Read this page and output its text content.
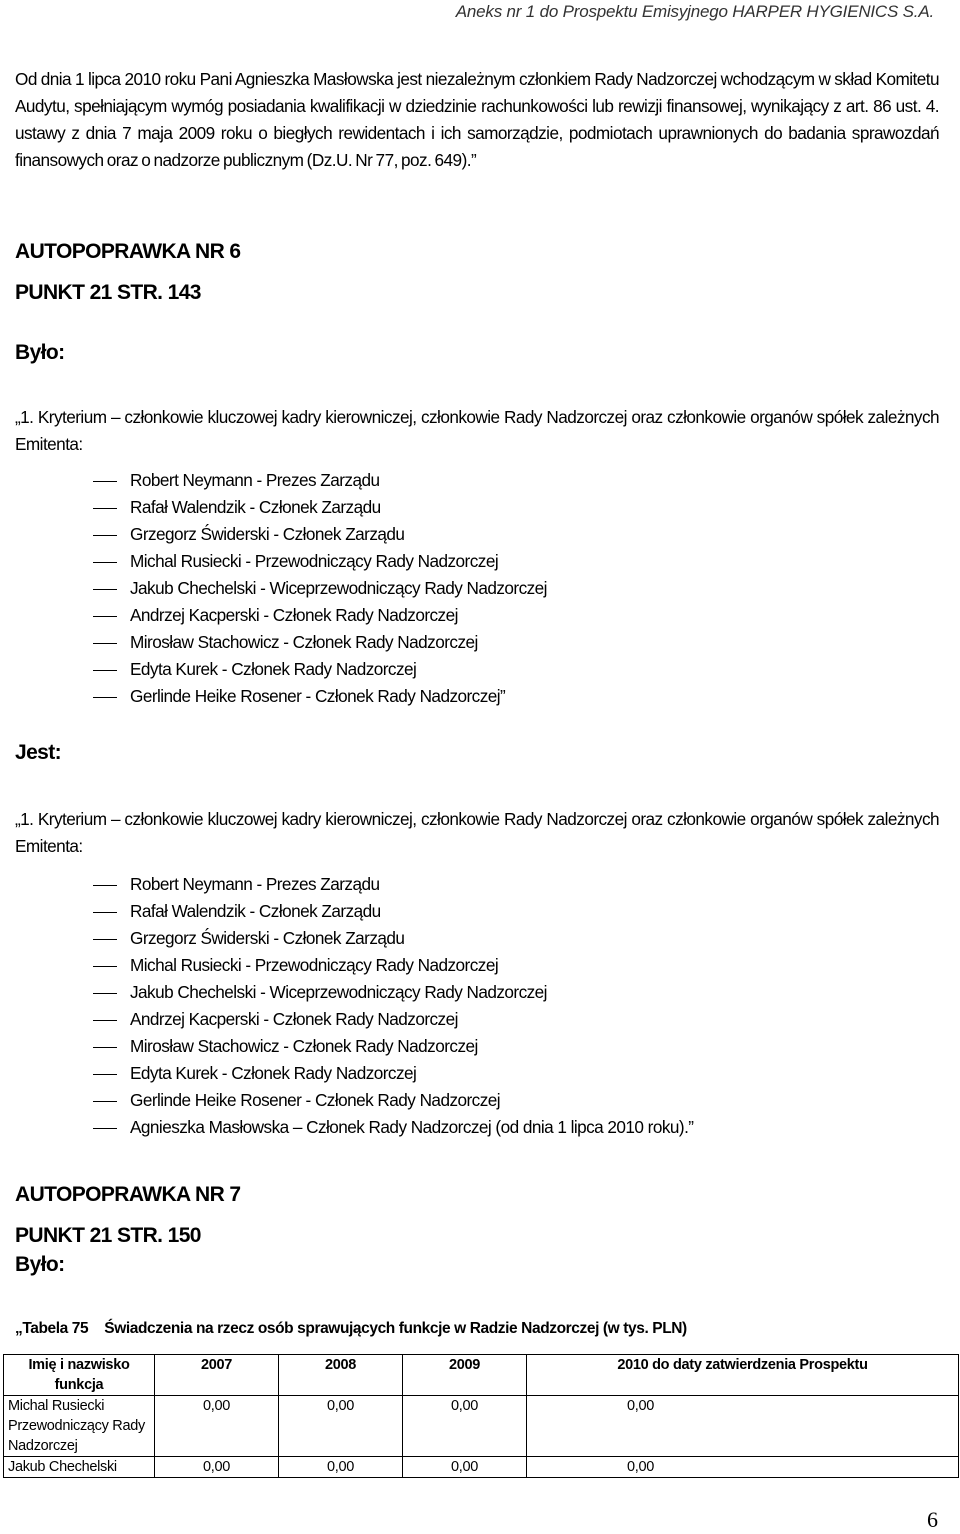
Aneks nr 1 do Prospektu Emisyjnego HARPER HYGIENICS S.A.
Od dnia 1 lipca 2010 roku Pani Agnieszka Masłowska jest niezależnym członkiem Rady Nadzorczej wchodzącym w skład Komitetu Audytu, spełniającym wymóg posiadania kwalifikacji w dziedzinie rachunkowości lub rewizji finansowej, wynikający z art. 86 ust. 4. ustawy z dnia 7 maja 2009 roku o biegłych rewidentach i ich samorządzie, podmiotach uprawnionych do badania sprawozdań finansowych oraz o nadzorze publicznym (Dz.U. Nr 77, poz. 649).”
AUTOPOPRAWKA NR 6
PUNKT 21 STR. 143
Było:
„1. Kryterium – członkowie kluczowej kadry kierowniczej, członkowie Rady Nadzorczej oraz członkowie organów spółek zależnych Emitenta:
Robert Neymann - Prezes Zarządu
Rafał Walendzik - Członek Zarządu
Grzegorz Świderski - Członek Zarządu
Michal Rusiecki - Przewodniczący Rady Nadzorczej
Jakub Chechelski - Wiceprzewodniczący Rady Nadzorczej
Andrzej Kacperski - Członek Rady Nadzorczej
Mirosław Stachowicz - Członek Rady Nadzorczej
Edyta Kurek - Członek Rady Nadzorczej
Gerlinde Heike Rosener - Członek Rady Nadzorczej”
Jest:
„1. Kryterium – członkowie kluczowej kadry kierowniczej, członkowie Rady Nadzorczej oraz członkowie organów spółek zależnych Emitenta:
Robert Neymann - Prezes Zarządu
Rafał Walendzik - Członek Zarządu
Grzegorz Świderski - Członek Zarządu
Michal Rusiecki - Przewodniczący Rady Nadzorczej
Jakub Chechelski - Wiceprzewodniczący Rady Nadzorczej
Andrzej Kacperski - Członek Rady Nadzorczej
Mirosław Stachowicz - Członek Rady Nadzorczej
Edyta Kurek - Członek Rady Nadzorczej
Gerlinde Heike Rosener - Członek Rady Nadzorczej
Agnieszka Masłowska – Członek Rady Nadzorczej (od dnia 1 lipca 2010 roku).”
AUTOPOPRAWKA NR 7
PUNKT 21 STR. 150
Było:
„Tabela 75 Świadczenia na rzecz osób sprawujących funkcje w Radzie Nadzorczej (w tys. PLN)
Imię i nazwisko funkcja	2007	2008	2009	2010 do daty zatwierdzenia Prospektu
Michal Rusiecki Przewodniczący Rady Nadzorczej	0,00	0,00	0,00	0,00
Jakub Chechelski	0,00	0,00	0,00	0,00
6
